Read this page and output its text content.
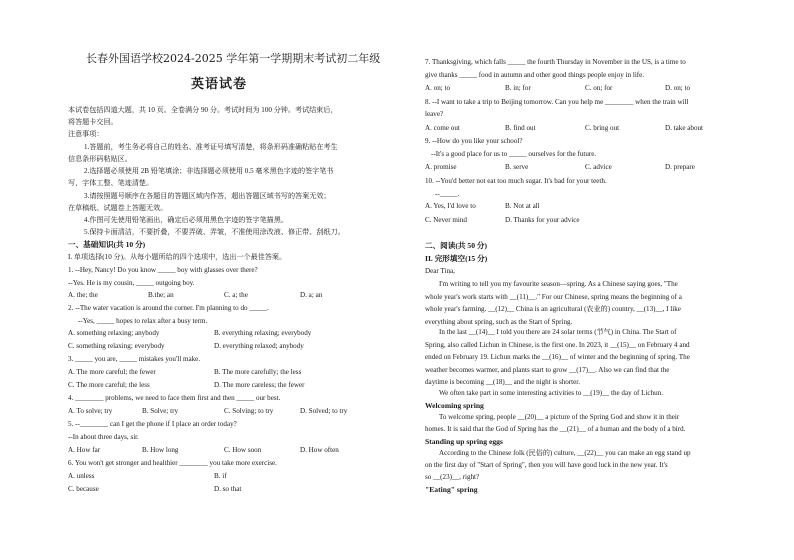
长春外国语学校2024-2025 学年第一学期期末考试初二年级
英语试卷
本试卷包括四道大题，共 10 页。全卷满分 90 分。考试时间为 100 分钟。考试结束后，
将答题卡交回。
注意事项：
1.答题前，考生务必将自己的姓名、准考证号填写清楚，将条形码准确粘贴在考生
信息条形码粘贴区。
2.选择题必须使用 2B 铅笔填涂；非选择题必须使用 0.5 毫米黑色字迹的签字笔书
写，字体工整、笔迹清楚。
3.请按照题号顺序在各题目的答题区域内作答，超出答题区域书写的答案无效；
在草稿纸、试题卷上答题无效。
4.作图可先使用铅笔画出，确定后必须用黑色字迹的签字笔描黑。
5.保持卡面清洁，不要折叠，不要弄破、弄皱，不准使用涂改液、修正带、刮纸刀。
一、基础知识(共 10 分)
I. 单项选择(10 分)。从每小题所给的四个选项中，选出一个最佳答案。
1. --Hey, Nancy! Do you know _____ boy with glasses over there?
--Yes. He is my cousin, _____ outgoing boy.
A. the; the	B.the; an	C. a; the	D. a; an
2. --The water vacation is around the corner. I'm planning to do _____.
--Yes, _____ hopes to relax after a busy term.
A. something relaxing; anybody	B. everything relaxing; everybody
C. something relaxing; everybody	D. everything relaxed; anybody
3. _____ you are, _____ mistakes you'll make.
A. The more careful; the fewer	B. The more carefully; the less
C. The more careful; the less	D. The more careless; the fewer
4. ________ problems, we need to face them first and then _____ our best.
A. To solve; try	B. Solve; try	C. Solving; to try	D. Solved; to try
5. --________ can I get the phone if I place an order today?
--In about three days, sir.
A. How far	B. How long	C. How soon	D. How often
6. You won't get stronger and healthier ________ you take more exercise.
A. unless	B. if
C. because	D. so that
7. Thanksgiving, which falls _____ the fourth Thursday in November in the US, is a time to
give thanks _____ food in autumn and other good things people enjoy in life.
A. on; to	B. in; for	C. on; for	D. on; to
8. --I want to take a trip to Beijing tomorrow. Can you help me ________ when the train will
leave?
A. come out	B. find out	C. bring out	D. take about
9. --How do you like your school?
--It's a good place for us to _____ ourselves for the future.
A. promise	B. serve	C. advice	D. prepare
10. --You'd better not eat too much sugar. It's bad for your teeth.
--_____.
A. Yes, I'd love to	B. Not at all
C. Never mind	D. Thanks for your advice
二、阅读(共 50 分)
II. 完形填空(15 分)
Dear Tina,
I'm writing to tell you my favourite season—spring. As a Chinese saying goes, "The
whole year's work starts with __(11)__." For our Chinese, spring means the beginning of a
whole year's farming. __(12)__ China is an agricultural (农业的) country, __(13)__, I like
everything about spring, such as the Start of Spring.
In the last __(14)__ I told you there are 24 solar terms (节气) in China. The Start of
Spring, also called Lichun in Chinese, is the first one. In 2023, it __(15)__ on February 4 and
ended on February 19. Lichun marks the __(16)__ of winter and the beginning of spring. The
weather becomes warmer, and plants start to grow __(17)__. Also we can find that the
daytime is becoming __(18)__ and the night is shorter.
We often take part in some interesting activities to __(19)__ the day of Lichun.
Welcoming spring
To welcome spring, people __(20)__ a picture of the Spring God and show it in their
homes. It is said that the God of Spring has the __(21)__ of a human and the body of a bird.
Standing up spring eggs
According to the Chinese folk (民俗的) culture, __(22)__ you can make an egg stand up
on the first day of "Start of Spring", then you will have good luck in the new year. It's
so __(23)__, right?
"Eating" spring
